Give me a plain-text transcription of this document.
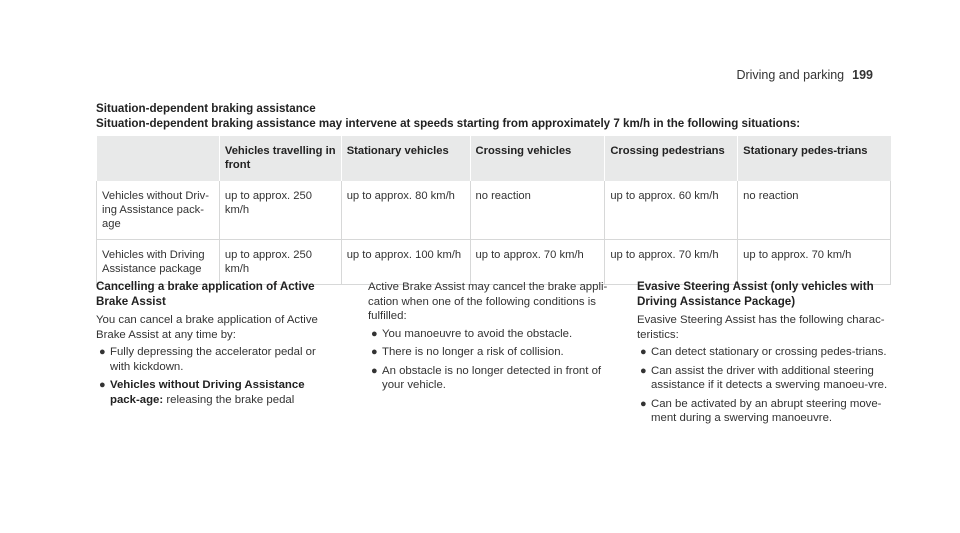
Driving and parking 199
Situation-dependent braking assistance
Situation-dependent braking assistance may intervene at speeds starting from approximately 7 km/h in the following situations:
	Vehicles travelling in front	Stationary vehicles	Crossing vehicles	Crossing pedestrians	Stationary pedes-trians
Vehicles without Driv-ing Assistance pack-age	up to approx. 250 km/h	up to approx. 80 km/h	no reaction	up to approx. 60 km/h	no reaction
Vehicles with Driving Assistance package	up to approx. 250 km/h	up to approx. 100 km/h	up to approx. 70 km/h	up to approx. 70 km/h	up to approx. 70 km/h
Cancelling a brake application of Active Brake Assist

You can cancel a brake application of Active Brake Assist at any time by:

● Fully depressing the accelerator pedal or with kickdown.
● Vehicles without Driving Assistance pack-age: releasing the brake pedal

Active Brake Assist may cancel the brake appli-cation when one of the following conditions is fulfilled:

● You manoeuvre to avoid the obstacle.
● There is no longer a risk of collision.
● An obstacle is no longer detected in front of your vehicle.
Evasive Steering Assist (only vehicles with Driving Assistance Package)

Evasive Steering Assist has the following charac-teristics:

● Can detect stationary or crossing pedes-trians.
● Can assist the driver with additional steering assistance if it detects a swerving manoeu-vre.
● Can be activated by an abrupt steering move-ment during a swerving manoeuvre.
